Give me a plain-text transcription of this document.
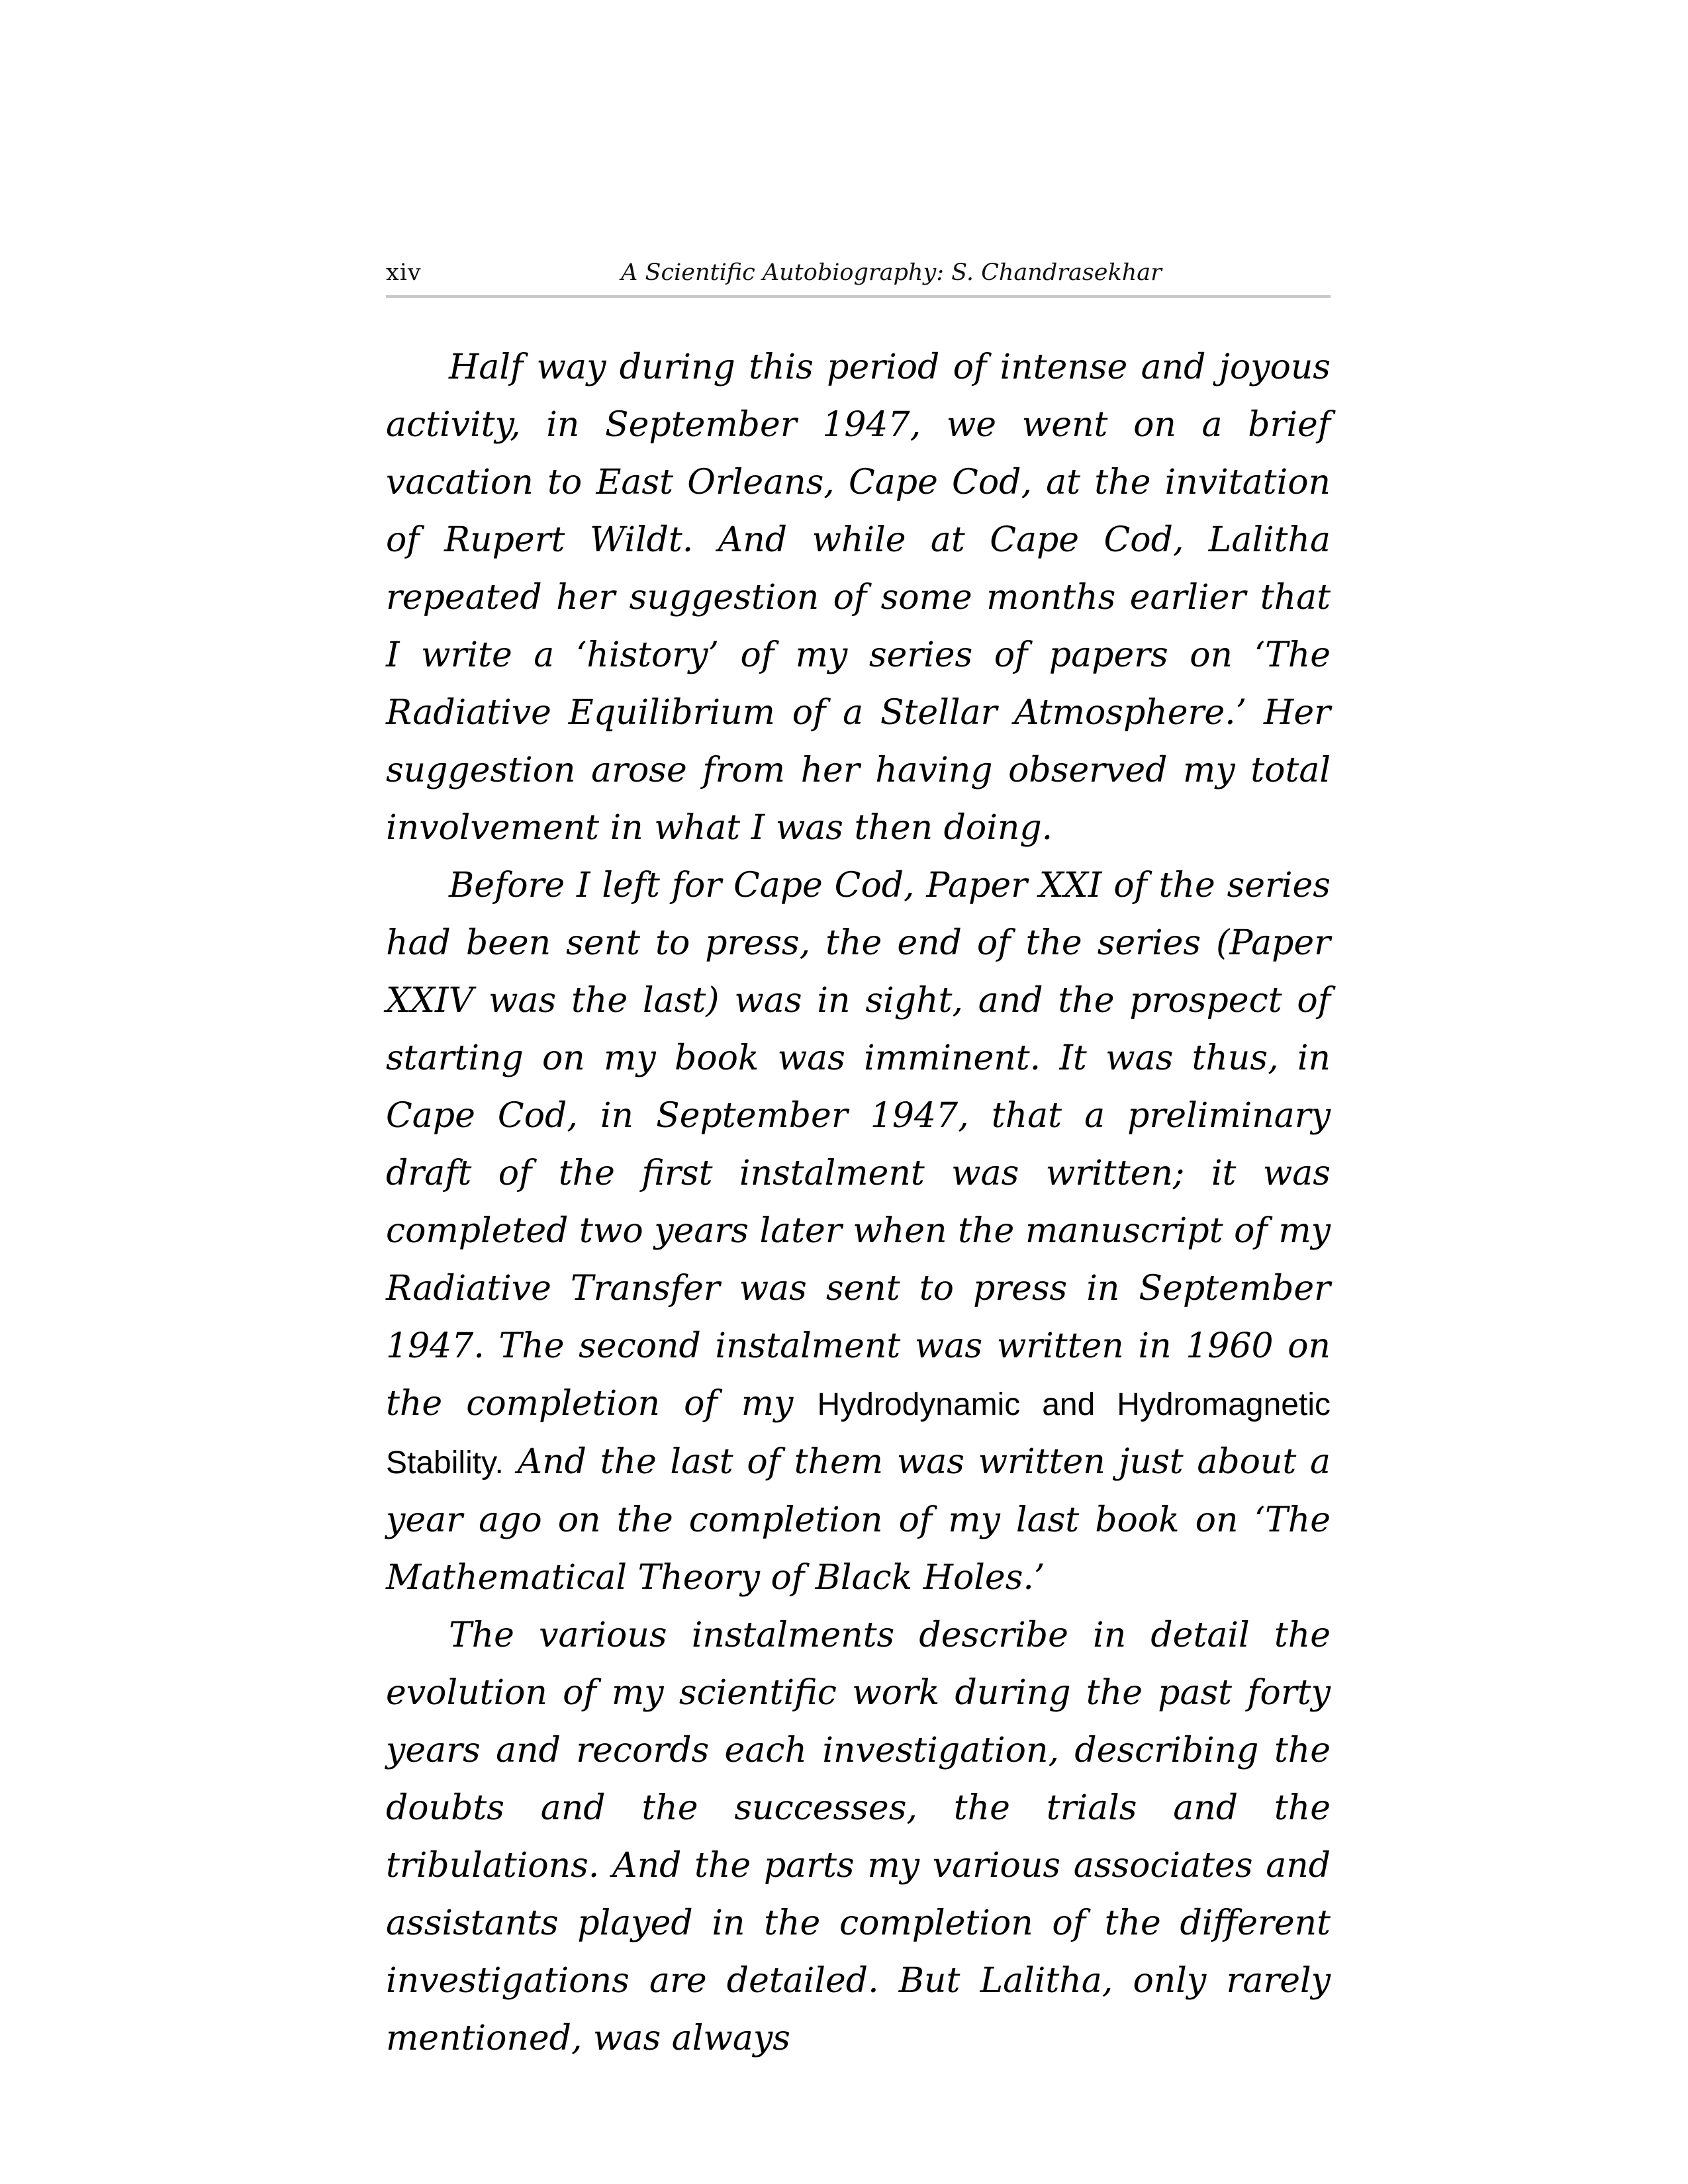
xiv	A Scientific Autobiography: S. Chandrasekhar

Half way during this period of intense and joyous activity, in September 1947, we went on a brief vacation to East Orleans, Cape Cod, at the invitation of Rupert Wildt. And while at Cape Cod, Lalitha repeated her suggestion of some months earlier that I write a ‘history’ of my series of papers on ‘The Radiative Equilibrium of a Stellar Atmosphere.’ Her suggestion arose from her having observed my total involvement in what I was then doing.

Before I left for Cape Cod, Paper XXI of the series had been sent to press, the end of the series (Paper XXIV was the last) was in sight, and the prospect of starting on my book was imminent. It was thus, in Cape Cod, in September 1947, that a preliminary draft of the first instalment was written; it was completed two years later when the manuscript of my Radiative Transfer was sent to press in September 1947. The second instalment was written in 1960 on the completion of my Hydrodynamic and Hydromagnetic Stability. And the last of them was written just about a year ago on the completion of my last book on ‘The Mathematical Theory of Black Holes.’

The various instalments describe in detail the evolution of my scientific work during the past forty years and records each investigation, describing the doubts and the successes, the trials and the tribulations. And the parts my various associates and assistants played in the completion of the different investigations are detailed. But Lalitha, only rarely mentioned, was always
